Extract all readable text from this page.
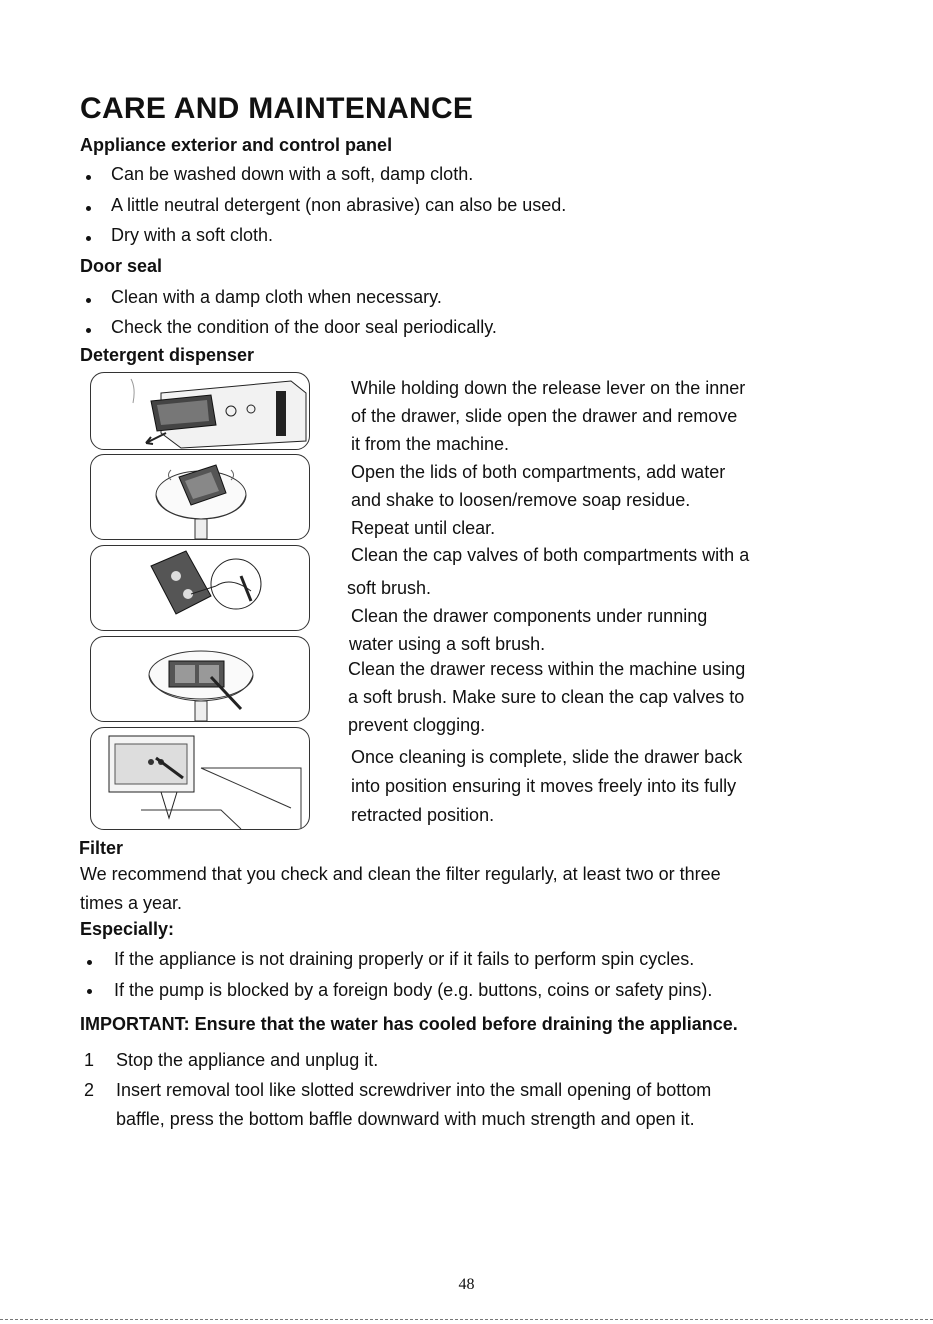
CARE AND MAINTENANCE
Appliance exterior and control panel
Can be washed down with a soft, damp cloth.
A little neutral detergent (non abrasive) can also be used.
Dry with a soft cloth.
Door seal
Clean with a damp cloth when necessary.
Check the condition of the door seal periodically.
Detergent dispenser
While holding down the release lever on the inner
of the drawer, slide open the drawer and remove
it from the machine.
Open the lids of both compartments, add water
and shake to loosen/remove soap residue.
Repeat until clear.
Clean the cap valves of both compartments with a
soft brush.
Clean the drawer components under running
water using a soft brush.
Clean the drawer recess within the machine using
a soft brush. Make sure to clean the cap valves to
prevent clogging.
Once cleaning is complete, slide the drawer back
into position ensuring it moves freely into its fully
retracted position.
Filter
We recommend that you check and clean the filter regularly, at least two or three
times a year.
Especially:
If the appliance is not draining properly or if it fails to perform spin cycles.
If the pump is blocked by a foreign body (e.g. buttons, coins or safety pins).
IMPORTANT: Ensure that the water has cooled before draining the appliance.
1 Stop the appliance and unplug it.
2 Insert removal tool like slotted screwdriver into the small opening of bottom
baffle, press the bottom baffle downward with much strength and open it.
48
